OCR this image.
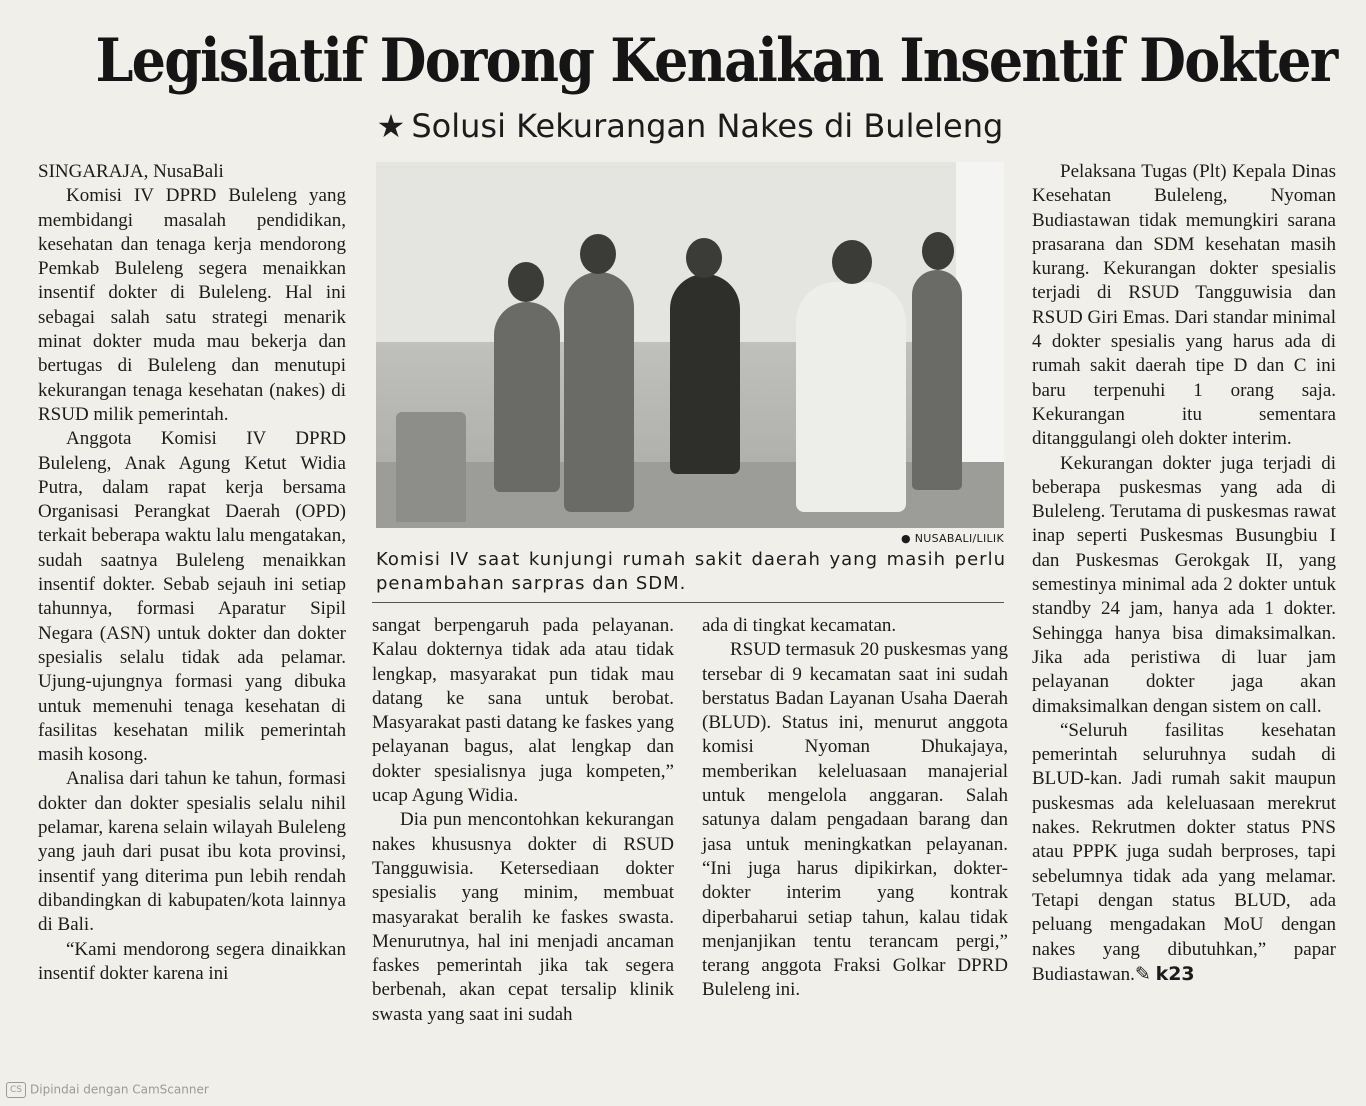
Legislatif Dorong Kenaikan Insentif Dokter
★ Solusi Kekurangan Nakes di Buleleng

SINGARAJA, NusaBali

Komisi IV DPRD Buleleng yang membidangi masalah pendidikan, kesehatan dan tenaga kerja mendorong Pemkab Buleleng segera menaikkan insentif dokter di Buleleng. Hal ini sebagai salah satu strategi menarik minat dokter muda mau bekerja dan bertugas di Buleleng dan menutupi kekurangan tenaga kesehatan (nakes) di RSUD milik pemerintah.

Anggota Komisi IV DPRD Buleleng, Anak Agung Ketut Widia Putra, dalam rapat kerja bersama Organisasi Perangkat Daerah (OPD) terkait beberapa waktu lalu mengatakan, sudah saatnya Buleleng menaikkan insentif dokter. Sebab sejauh ini setiap tahunnya, formasi Aparatur Sipil Negara (ASN) untuk dokter dan dokter spesialis selalu tidak ada pelamar. Ujung-ujungnya formasi yang dibuka untuk memenuhi tenaga kesehatan di fasilitas kesehatan milik pemerintah masih kosong.

Analisa dari tahun ke tahun, formasi dokter dan dokter spesialis selalu nihil pelamar, karena selain wilayah Buleleng yang jauh dari pusat ibu kota provinsi, insentif yang diterima pun lebih rendah dibandingkan di kabupaten/kota lainnya di Bali.

“Kami mendorong segera dinaikkan insentif dokter karena ini

● NUSABALI/LILIK
Komisi IV saat kunjungi rumah sakit daerah yang masih perlu penambahan sarpras dan SDM.

sangat berpengaruh pada pelayanan. Kalau dokternya tidak ada atau tidak lengkap, masyarakat pun tidak mau datang ke sana untuk berobat. Masyarakat pasti datang ke faskes yang pelayanan bagus, alat lengkap dan dokter spesialisnya juga kompeten,” ucap Agung Widia.

Dia pun mencontohkan kekurangan nakes khususnya dokter di RSUD Tangguwisia. Ketersediaan dokter spesialis yang minim, membuat masyarakat beralih ke faskes swasta. Menurutnya, hal ini menjadi ancaman faskes pemerintah jika tak segera berbenah, akan cepat tersalip klinik swasta yang saat ini sudah

ada di tingkat kecamatan.

RSUD termasuk 20 puskesmas yang tersebar di 9 kecamatan saat ini sudah berstatus Badan Layanan Usaha Daerah (BLUD). Status ini, menurut anggota komisi Nyoman Dhukajaya, memberikan keleluasaan manajerial untuk mengelola anggaran. Salah satunya dalam pengadaan barang dan jasa untuk meningkatkan pelayanan. “Ini juga harus dipikirkan, dokter-dokter interim yang kontrak diperbaharui setiap tahun, kalau tidak menjanjikan tentu terancam pergi,” terang anggota Fraksi Golkar DPRD Buleleng ini.

Pelaksana Tugas (Plt) Kepala Dinas Kesehatan Buleleng, Nyoman Budiastawan tidak memungkiri sarana prasarana dan SDM kesehatan masih kurang. Kekurangan dokter spesialis terjadi di RSUD Tangguwisia dan RSUD Giri Emas. Dari standar minimal 4 dokter spesialis yang harus ada di rumah sakit daerah tipe D dan C ini baru terpenuhi 1 orang saja. Kekurangan itu sementara ditanggulangi oleh dokter interim.

Kekurangan dokter juga terjadi di beberapa puskesmas yang ada di Buleleng. Terutama di puskesmas rawat inap seperti Puskesmas Busungbiu I dan Puskesmas Gerokgak II, yang semestinya minimal ada 2 dokter untuk standby 24 jam, hanya ada 1 dokter. Sehingga hanya bisa dimaksimalkan. Jika ada peristiwa di luar jam pelayanan dokter jaga akan dimaksimalkan dengan sistem on call.

“Seluruh fasilitas kesehatan pemerintah seluruhnya sudah di BLUD-kan. Jadi rumah sakit maupun puskesmas ada keleluasaan merekrut nakes. Rekrutmen dokter status PNS atau PPPK juga sudah berproses, tapi sebelumnya tidak ada yang melamar. Tetapi dengan status BLUD, ada peluang mengadakan MoU dengan nakes yang dibutuhkan,” papar Budiastawan.✎ k23

CS Dipindai dengan CamScanner
